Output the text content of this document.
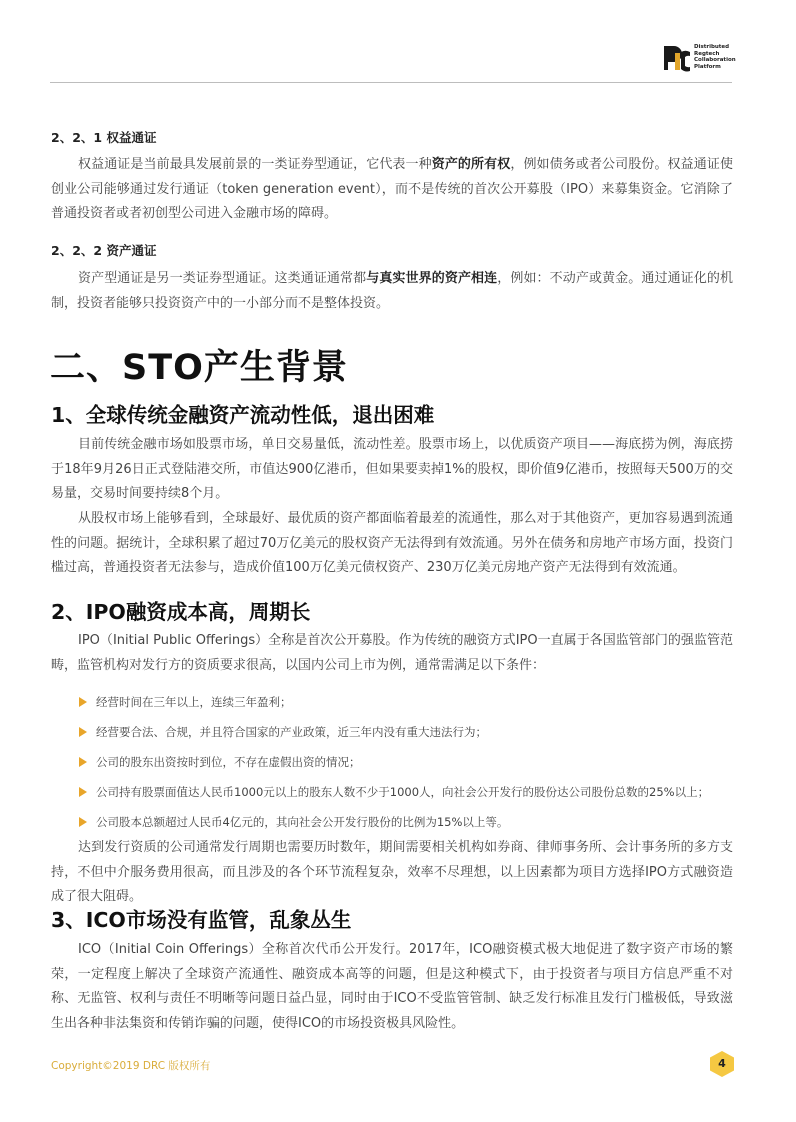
Distributed
Regtech
Collaboration
Platform
2、2、1 权益通证

权益通证是当前最具发展前景的一类证券型通证，它代表一种资产的所有权，例如债务或者公司股份。权益通证使创业公司能够通过发行通证（token generation event），而不是传统的首次公开募股（IPO）来募集资金。它消除了普通投资者或者初创型公司进入金融市场的障碍。

2、2、2 资产通证

资产型通证是另一类证券型通证。这类通证通常都与真实世界的资产相连，例如：不动产或黄金。通过通证化的机制，投资者能够只投资资产中的一小部分而不是整体投资。

二、STO产生背景
1、全球传统金融资产流动性低，退出困难

目前传统金融市场如股票市场，单日交易量低，流动性差。股票市场上，以优质资产项目——海底捞为例，海底捞于18年9月26日正式登陆港交所，市值达900亿港币，但如果要卖掉1%的股权，即价值9亿港币，按照每天500万的交易量，交易时间要持续8个月。

从股权市场上能够看到，全球最好、最优质的资产都面临着最差的流通性，那么对于其他资产，更加容易遇到流通性的问题。据统计，全球积累了超过70万亿美元的股权资产无法得到有效流通。另外在债务和房地产市场方面，投资门槛过高，普通投资者无法参与，造成价值100万亿美元债权资产、230万亿美元房地产资产无法得到有效流通。

2、IPO融资成本高，周期长

IPO（Initial Public Offerings）全称是首次公开募股。作为传统的融资方式IPO一直属于各国监管部门的强监管范畴，监管机构对发行方的资质要求很高，以国内公司上市为例，通常需满足以下条件：

经营时间在三年以上，连续三年盈利；
经营要合法、合规，并且符合国家的产业政策，近三年内没有重大违法行为；
公司的股东出资按时到位，不存在虚假出资的情况；
公司持有股票面值达人民币1000元以上的股东人数不少于1000人，向社会公开发行的股份达公司股份总数的25%以上；
公司股本总额超过人民币4亿元的，其向社会公开发行股份的比例为15%以上等。

达到发行资质的公司通常发行周期也需要历时数年，期间需要相关机构如券商、律师事务所、会计事务所的多方支持，不但中介服务费用很高，而且涉及的各个环节流程复杂，效率不尽理想，以上因素都为项目方选择IPO方式融资造成了很大阻碍。

3、ICO市场没有监管，乱象丛生

ICO（Initial Coin Offerings）全称首次代币公开发行。2017年，ICO融资模式极大地促进了数字资产市场的繁荣，一定程度上解决了全球资产流通性、融资成本高等的问题，但是这种模式下，由于投资者与项目方信息严重不对称、无监管、权利与责任不明晰等问题日益凸显，同时由于ICO不受监管管制、缺乏发行标准且发行门槛极低，导致滋生出各种非法集资和传销诈骗的问题，使得ICO的市场投资极具风险性。

Copyright©2019 DRC 版权所有	4
